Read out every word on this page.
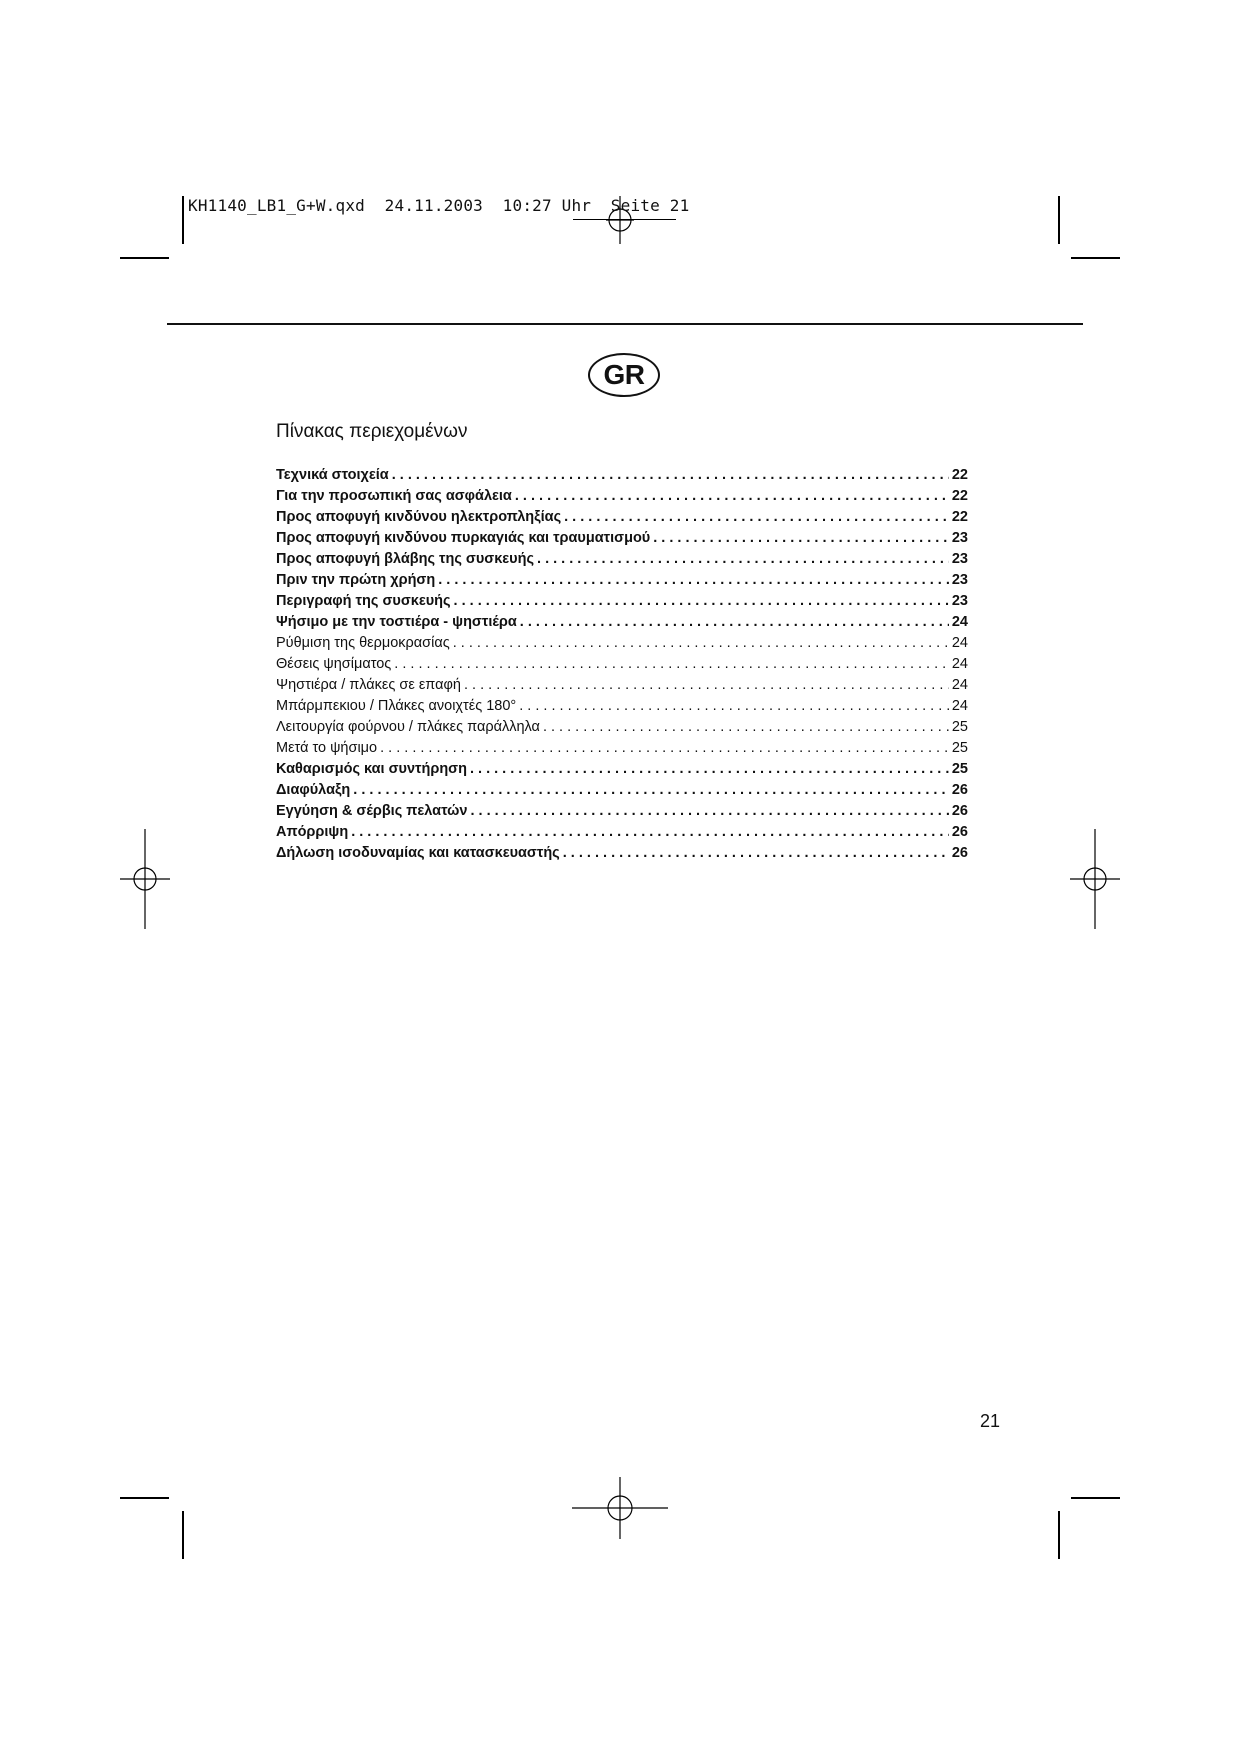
KH1140_LB1_G+W.qxd  24.11.2003  10:27 Uhr  Seite 21
GR
Πίνακας περιεχομένων
Τεχνικά στοιχεία . . .	22
Για την προσωπική σας ασφάλεια . . .	22
Προς αποφυγή κινδύνου ηλεκτροπληξίας . . .	22
Προς αποφυγή κινδύνου πυρκαγιάς και τραυματισμού . . .	23
Προς αποφυγή βλάβης της συσκευής . . .	23
Πριν την πρώτη χρήση . . .	23
Περιγραφή της συσκευής . . .	23
Ψήσιμο με την τοστιέρα - ψηστιέρα . . .	24
Ρύθμιση της θερμοκρασίας . . .	24
Θέσεις ψησίματος . . .	24
Ψηστιέρα / πλάκες σε επαφή . . .	24
Μπάρμπεκιου / Πλάκες ανοιχτές 180° . . .	24
Λειτουργία φούρνου / πλάκες παράλληλα . . .	25
Μετά το ψήσιμο . . .	25
Καθαρισμός και συντήρηση . . .	25
Διαφύλαξη . . .	26
Εγγύηση & σέρβις πελατών . . .	26
Απόρριψη . . .	26
Δήλωση ισοδυναμίας και κατασκευαστής . . .	26
21
